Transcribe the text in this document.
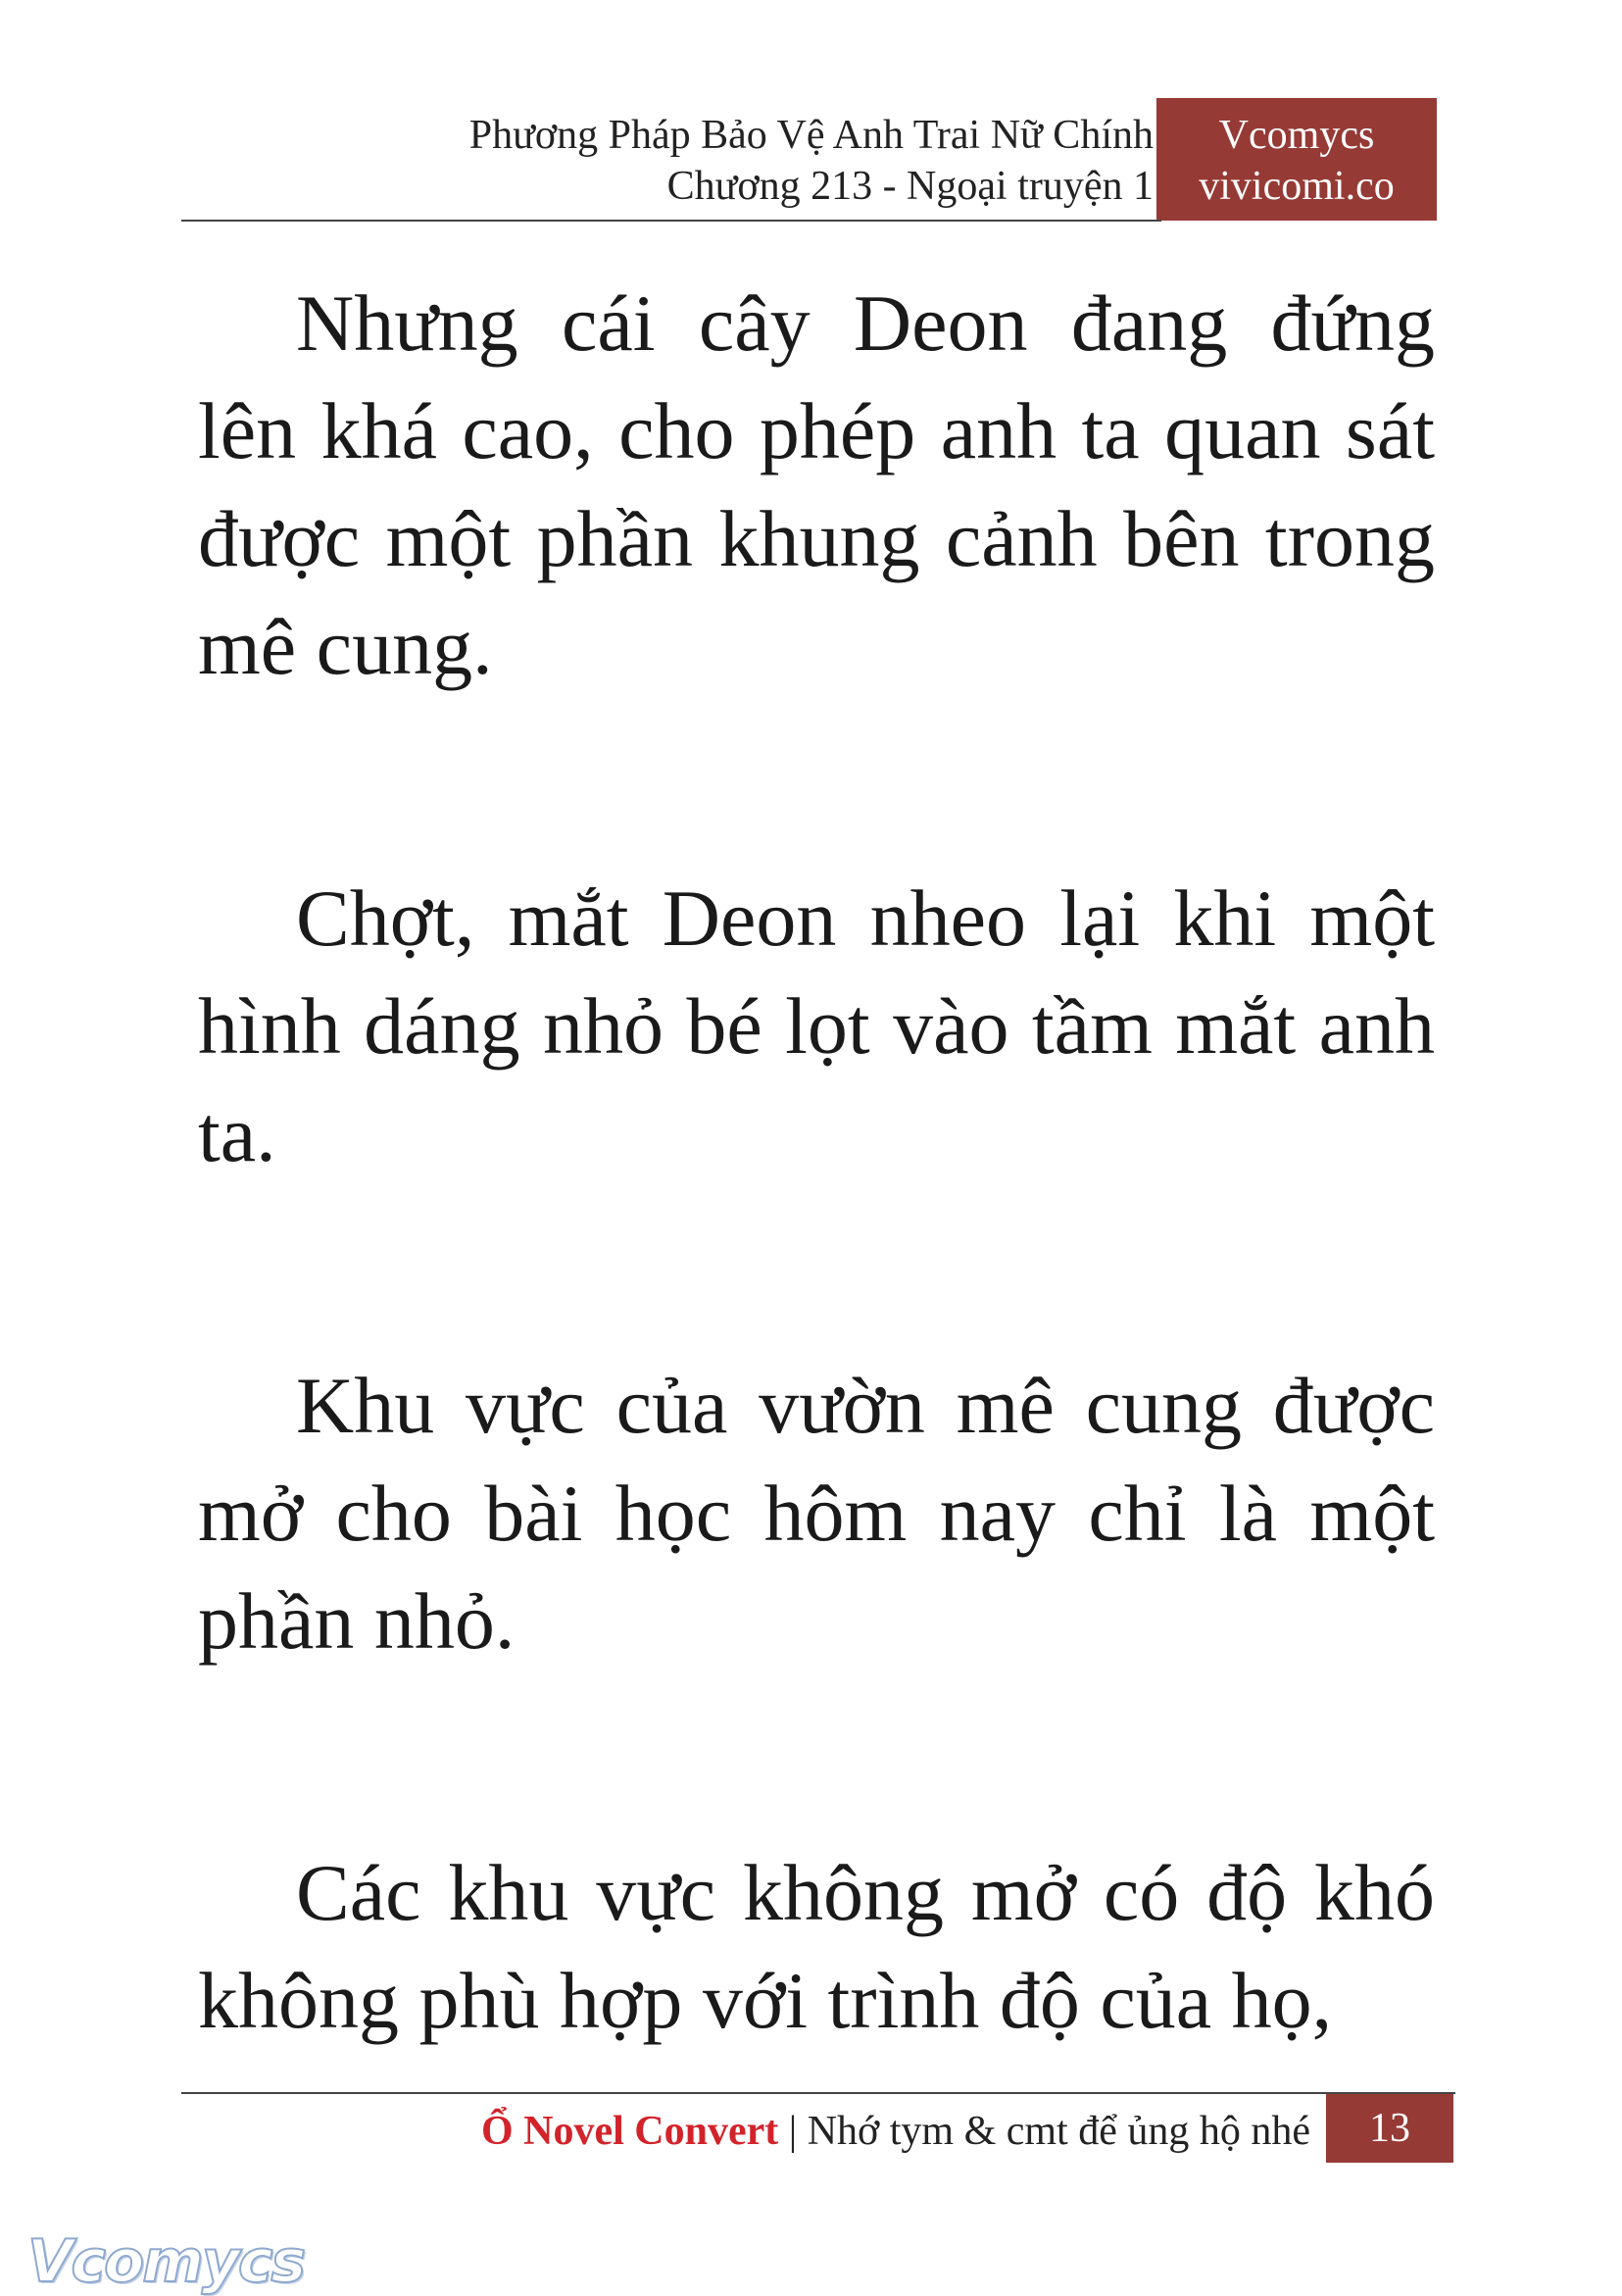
Phương Pháp Bảo Vệ Anh Trai Nữ Chính
Chương 213 - Ngoại truyện 1
Vcomycs
vivicomi.co

Nhưng cái cây Deon đang đứng lên khá cao, cho phép anh ta quan sát được một phần khung cảnh bên trong mê cung.

Chợt, mắt Deon nheo lại khi một hình dáng nhỏ bé lọt vào tầm mắt anh ta.

Khu vực của vườn mê cung được mở cho bài học hôm nay chỉ là một phần nhỏ.

Các khu vực không mở có độ khó không phù hợp với trình độ của họ,

Ổ Novel Convert | Nhớ tym & cmt để ủng hộ nhé	13
Vcomycs
